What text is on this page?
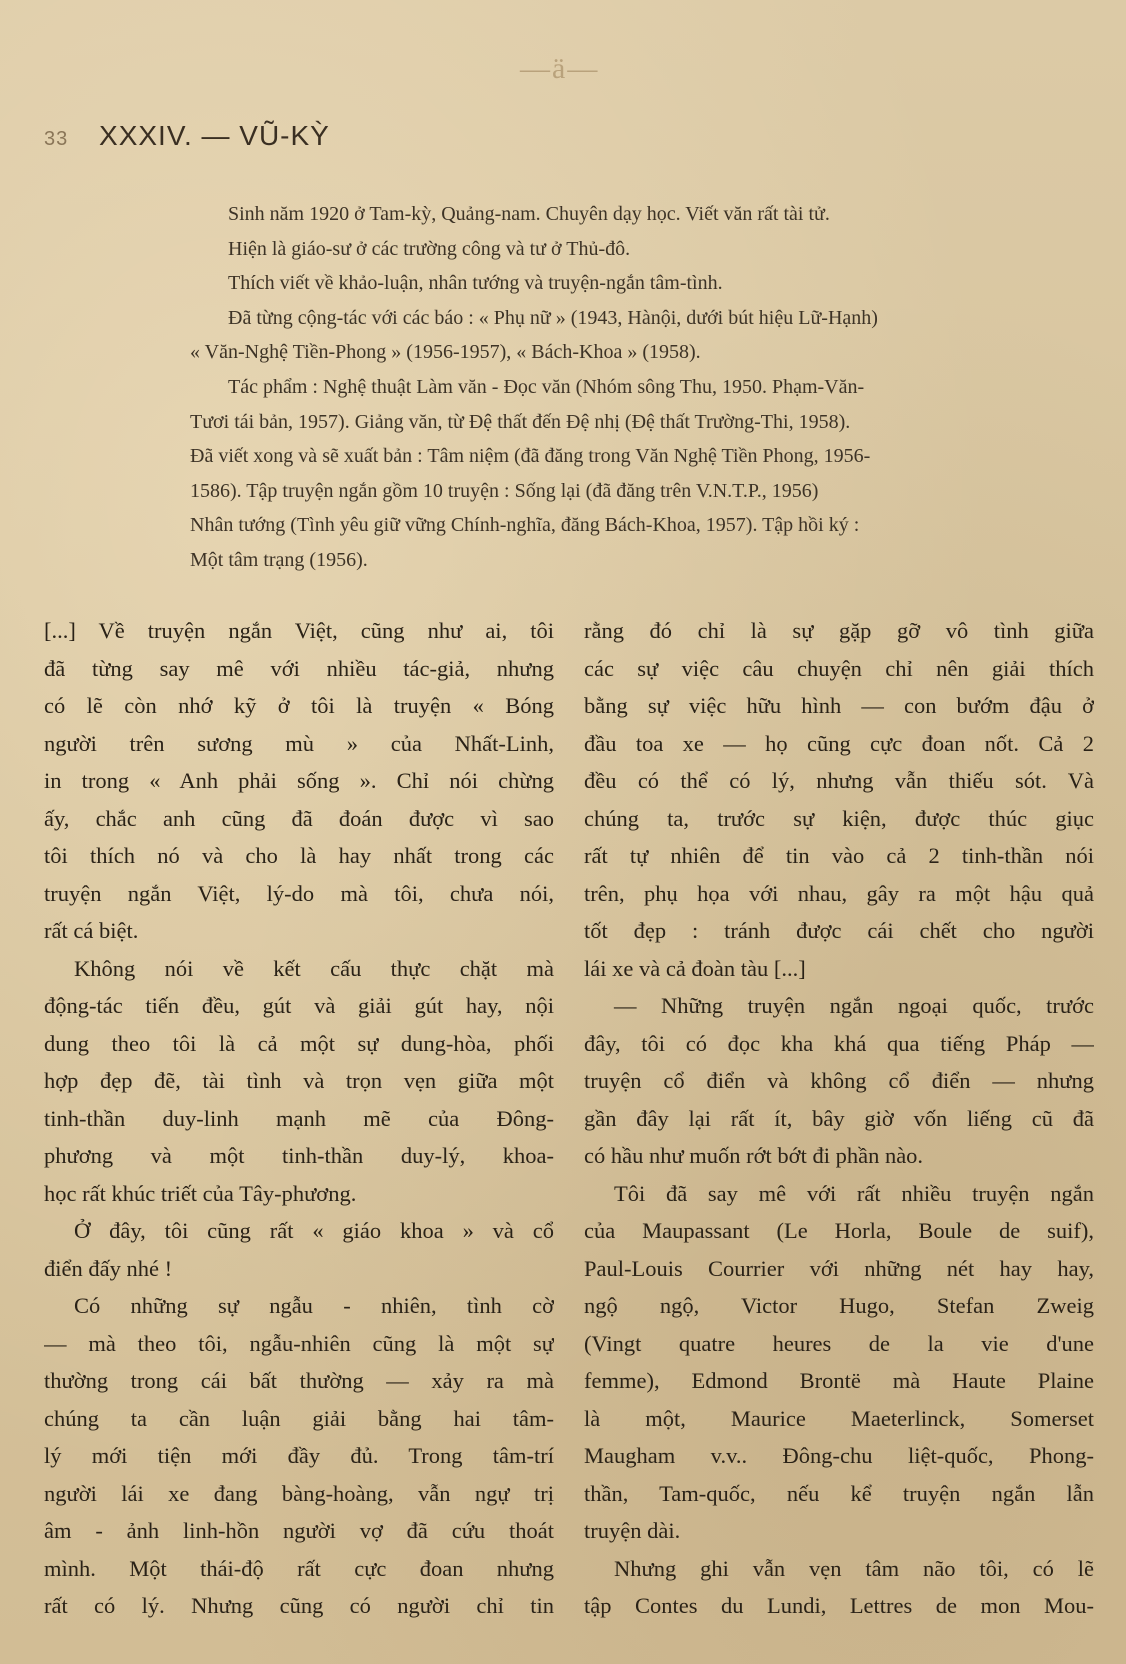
—ä—
33 XXXIV. — VŨ-KỲ

Sinh năm 1920 ở Tam-kỳ, Quảng-nam. Chuyên dạy học. Viết văn rất tài tử.

Hiện là giáo-sư ở các trường công và tư ở Thủ-đô.

Thích viết về khảo-luận, nhân tướng và truyện-ngắn tâm-tình.

Đã từng cộng-tác với các báo : « Phụ nữ » (1943, Hànội, dưới bút hiệu Lữ-Hạnh)

« Văn-Nghệ Tiền-Phong » (1956-1957), « Bách-Khoa » (1958).

Tác phẩm : Nghệ thuật Làm văn - Đọc văn (Nhóm sông Thu, 1950. Phạm-Văn-

Tươi tái bản, 1957). Giảng văn, từ Đệ thất đến Đệ nhị (Đệ thất Trường-Thi, 1958).

Đã viết xong và sẽ xuất bản : Tâm niệm (đã đăng trong Văn Nghệ Tiền Phong, 1956-

1586). Tập truyện ngắn gồm 10 truyện : Sống lại (đã đăng trên V.N.T.P., 1956)

Nhân tướng (Tình yêu giữ vững Chính-nghĩa, đăng Bách-Khoa, 1957). Tập hồi ký :

Một tâm trạng (1956).

[...] Về truyện ngắn Việt, cũng như ai, tôi
đã từng say mê với nhiều tác-giả, nhưng
có lẽ còn nhớ kỹ ở tôi là truyện « Bóng
người trên sương mù » của Nhất-Linh,
in trong « Anh phải sống ». Chỉ nói chừng
ấy, chắc anh cũng đã đoán được vì sao
tôi thích nó và cho là hay nhất trong các
truyện ngắn Việt, lý-do mà tôi, chưa nói,
rất cá biệt.
Không nói về kết cấu thực chặt mà
động-tác tiến đều, gút và giải gút hay, nội
dung theo tôi là cả một sự dung-hòa, phối
hợp đẹp đẽ, tài tình và trọn vẹn giữa một
tinh-thần duy-linh mạnh mẽ của Đông-
phương và một tinh-thần duy-lý, khoa-
học rất khúc triết của Tây-phương.
Ở đây, tôi cũng rất « giáo khoa » và cổ
điển đấy nhé !
Có những sự ngẫu - nhiên, tình cờ
— mà theo tôi, ngẫu-nhiên cũng là một sự
thường trong cái bất thường — xảy ra mà
chúng ta cần luận giải bằng hai tâm-
lý mới tiện mới đầy đủ. Trong tâm-trí
người lái xe đang bàng-hoàng, vẫn ngự trị
âm - ảnh linh-hồn người vợ đã cứu thoát
mình. Một thái-độ rất cực đoan nhưng
rất có lý. Nhưng cũng có người chỉ tin
rằng đó chỉ là sự gặp gỡ vô tình giữa
các sự việc câu chuyện chỉ nên giải thích
bằng sự việc hữu hình — con bướm đậu ở
đầu toa xe — họ cũng cực đoan nốt. Cả 2
đều có thể có lý, nhưng vẫn thiếu sót. Và
chúng ta, trước sự kiện, được thúc giục
rất tự nhiên để tin vào cả 2 tinh-thần nói
trên, phụ họa với nhau, gây ra một hậu quả
tốt đẹp : tránh được cái chết cho người
lái xe và cả đoàn tàu [...]
— Những truyện ngắn ngoại quốc, trước
đây, tôi có đọc kha khá qua tiếng Pháp —
truyện cổ điển và không cổ điển — nhưng
gần đây lại rất ít, bây giờ vốn liếng cũ đã
có hầu như muốn rớt bớt đi phần nào.
Tôi đã say mê với rất nhiều truyện ngắn
của Maupassant (Le Horla, Boule de suif),
Paul-Louis Courrier với những nét hay hay,
ngộ ngộ, Victor Hugo, Stefan Zweig
(Vingt quatre heures de la vie d'une
femme), Edmond Brontë mà Haute Plaine
là một, Maurice Maeterlinck, Somerset
Maugham v.v.. Đông-chu liệt-quốc, Phong-
thần, Tam-quốc, nếu kể truyện ngắn lẫn
truyện dài.
Nhưng ghi vẫn vẹn tâm não tôi, có lẽ
tập Contes du Lundi, Lettres de mon Mou-
